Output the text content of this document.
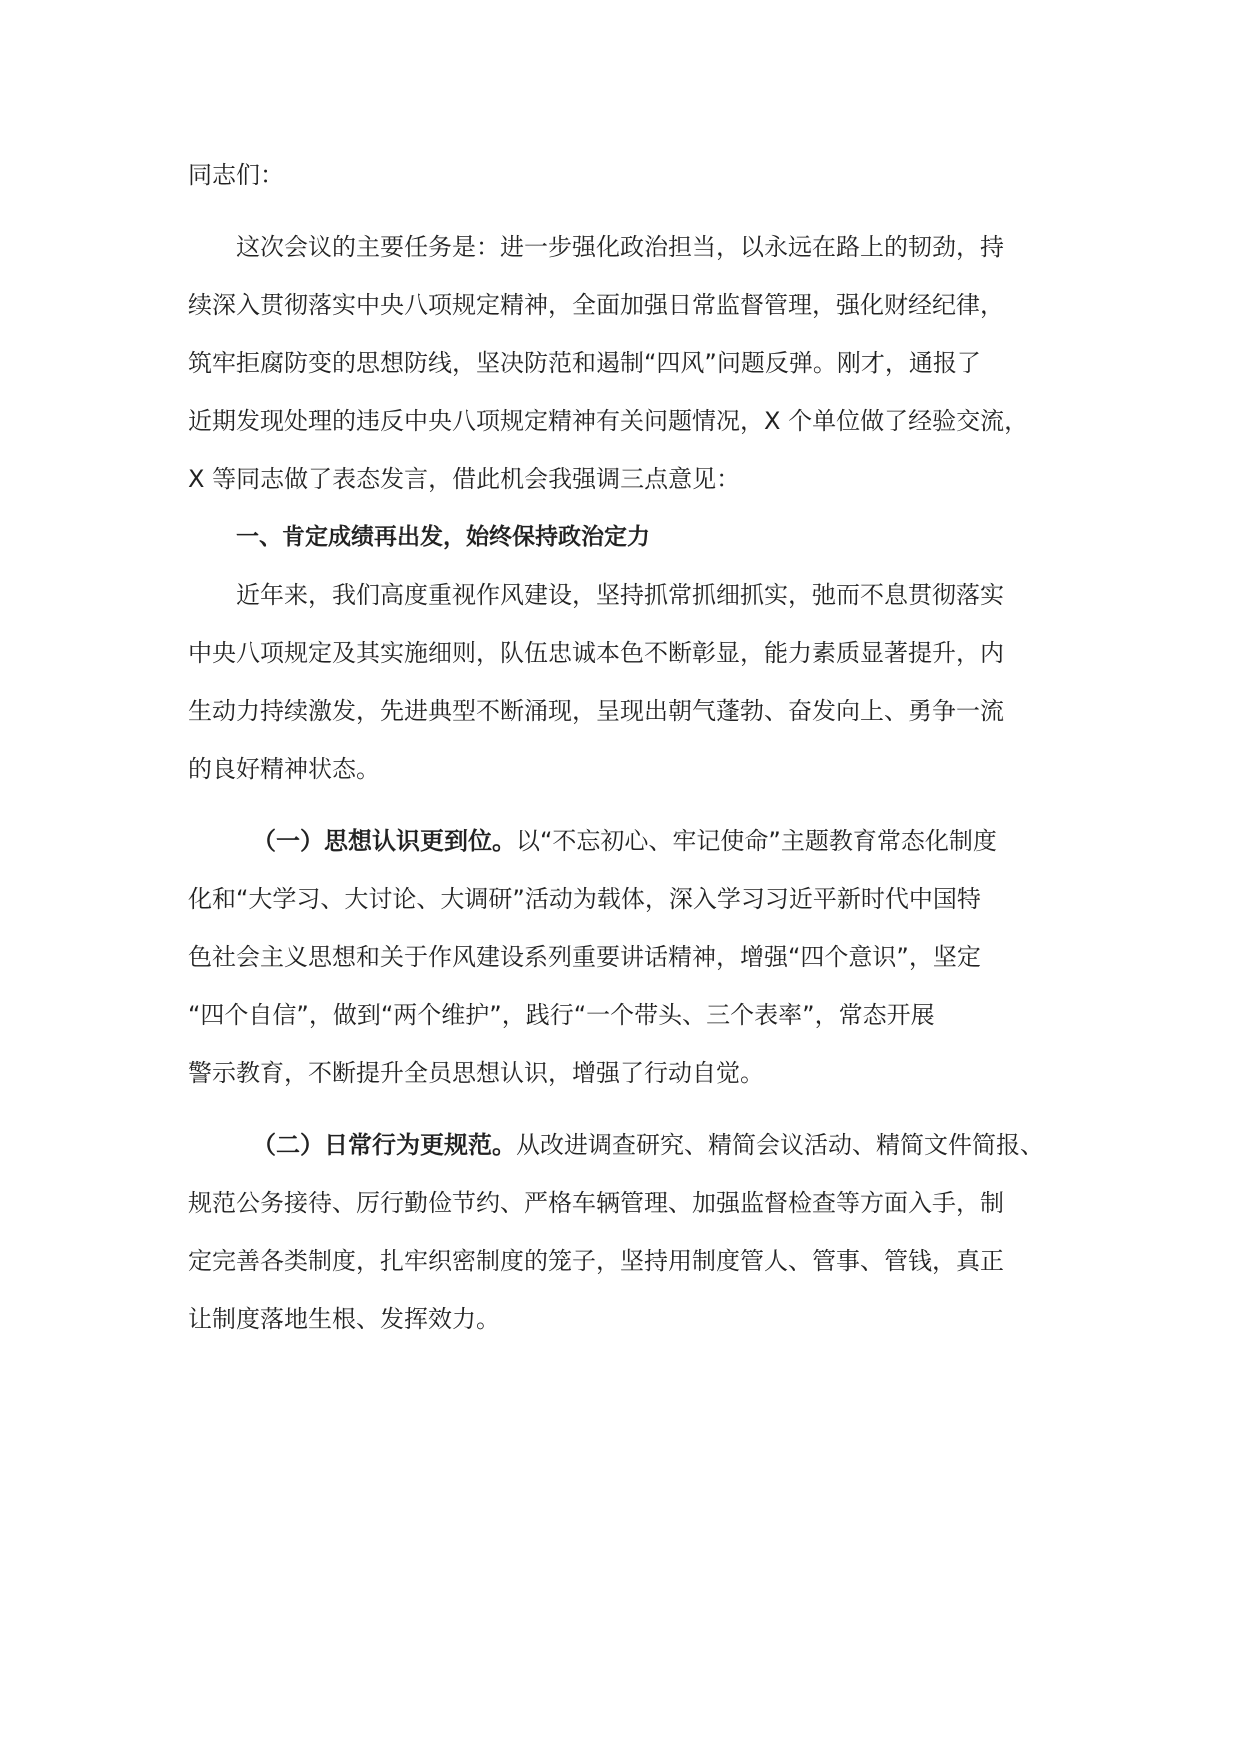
同志们：
这次会议的主要任务是：进一步强化政治担当，以永远在路上的韧劲，持
续深入贯彻落实中央八项规定精神，全面加强日常监督管理，强化财经纪律，
筑牢拒腐防变的思想防线，坚决防范和遏制“四风”问题反弹。刚才，通报了
近期发现处理的违反中央八项规定精神有关问题情况，X 个单位做了经验交流，
X 等同志做了表态发言，借此机会我强调三点意见：
一、肯定成绩再出发，始终保持政治定力
近年来，我们高度重视作风建设，坚持抓常抓细抓实，弛而不息贯彻落实
中央八项规定及其实施细则，队伍忠诚本色不断彰显，能力素质显著提升，内
生动力持续激发，先进典型不断涌现，呈现出朝气蓬勃、奋发向上、勇争一流
的良好精神状态。
（一）思想认识更到位。以“不忘初心、牢记使命”主题教育常态化制度
化和“大学习、大讨论、大调研”活动为载体，深入学习习近平新时代中国特
色社会主义思想和关于作风建设系列重要讲话精神，增强“四个意识”，坚定
“四个自信”，做到“两个维护”，践行“一个带头、三个表率”，常态开展
警示教育，不断提升全员思想认识，增强了行动自觉。
（二）日常行为更规范。从改进调查研究、精简会议活动、精简文件简报、
规范公务接待、厉行勤俭节约、严格车辆管理、加强监督检查等方面入手，制
定完善各类制度，扎牢织密制度的笼子，坚持用制度管人、管事、管钱，真正
让制度落地生根、发挥效力。
